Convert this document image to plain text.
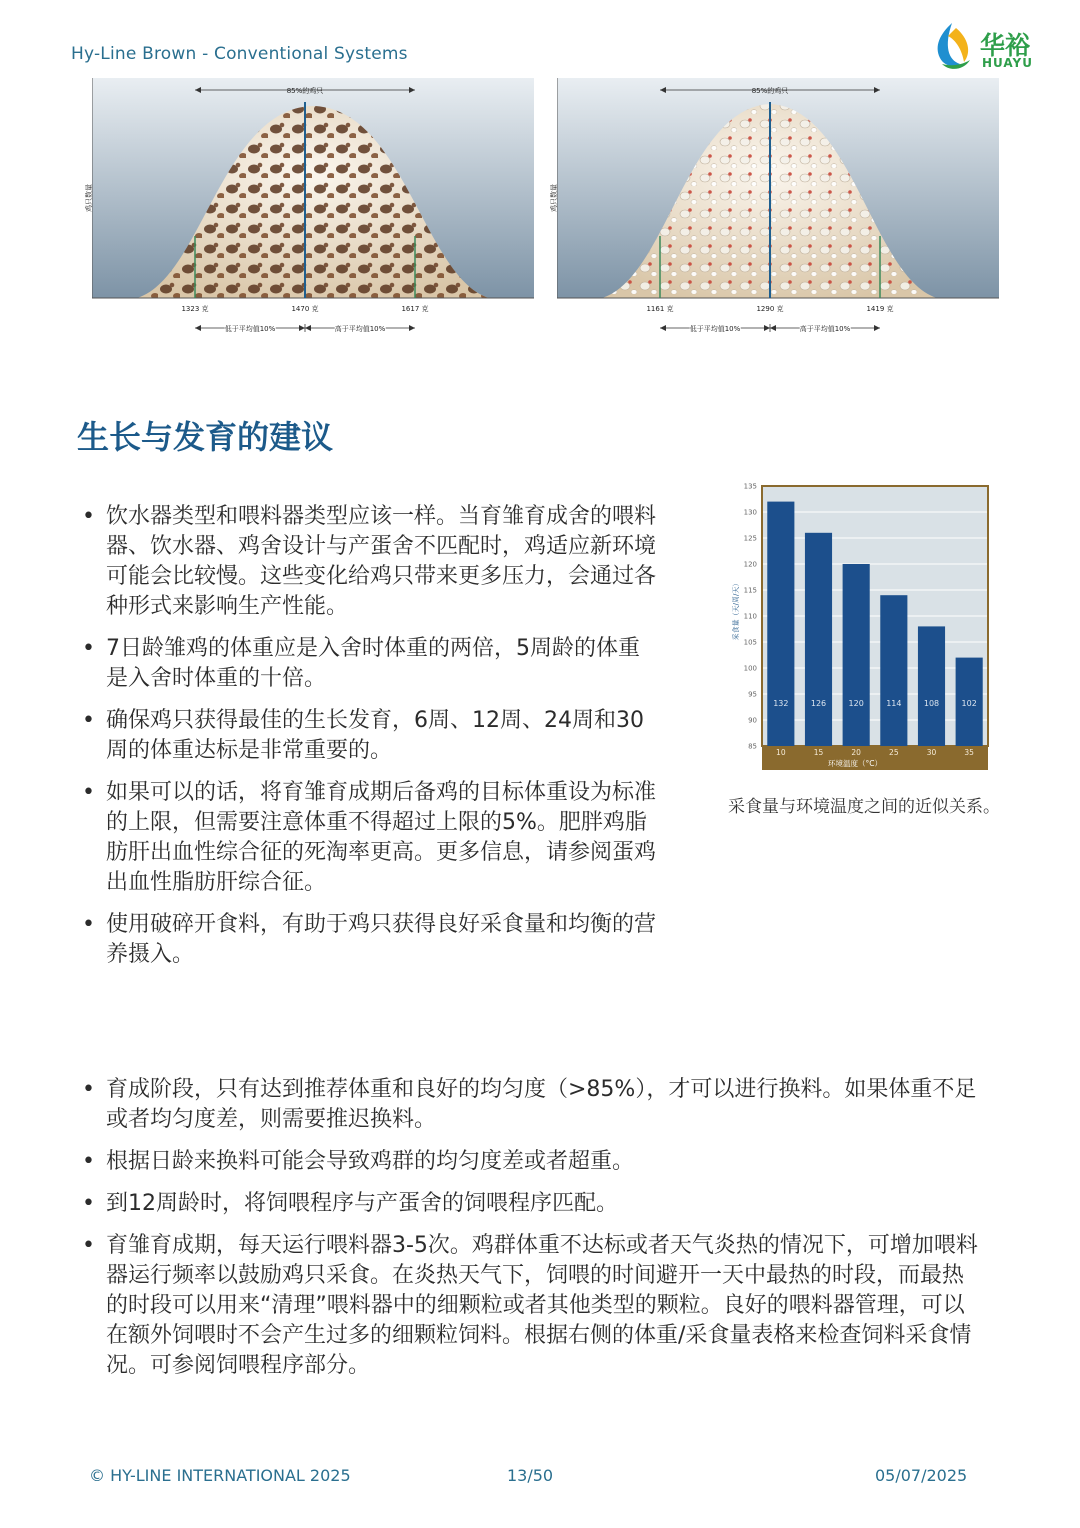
Hy-Line Brown - Conventional Systems	华裕
HUAYU
85%的鸡只
鸡只数量
1323 克	1470 克	1617 克
低于平均值10%	高于平均值10%
85%的鸡只
鸡只数量
1161 克	1290 克	1419 克
低于平均值10%	高于平均值10%
生长与发育的建议
• 饮水器类型和喂料器类型应该一样。当育雏育成舍的喂料器、饮水器、鸡舍设计与产蛋舍不匹配时，鸡适应新环境可能会比较慢。这些变化给鸡只带来更多压力，会通过各种形式来影响生产性能。
• 7日龄雏鸡的体重应是入舍时体重的两倍，5周龄的体重是入舍时体重的十倍。
• 确保鸡只获得最佳的生长发育，6周、12周、24周和30周的体重达标是非常重要的。
• 如果可以的话，将育雏育成期后备鸡的目标体重设为标准的上限，但需要注意体重不得超过上限的5%。肥胖鸡脂肪肝出血性综合征的死淘率更高。更多信息，请参阅蛋鸡出血性脂肪肝综合征。
• 使用破碎开食料，有助于鸡只获得良好采食量和均衡的营养摄入。
85
90
95
100
105
110
115
120
125
130
135
132
10
126
15
120
20
114
25
108
30
102
35
环境温度（°C）
采食量（天/周/天）
采食量与环境温度之间的近似关系。
• 育成阶段，只有达到推荐体重和良好的均匀度（>85%），才可以进行换料。如果体重不足或者均匀度差，则需要推迟换料。
• 根据日龄来换料可能会导致鸡群的均匀度差或者超重。
• 到12周龄时，将饲喂程序与产蛋舍的饲喂程序匹配。
• 育雏育成期，每天运行喂料器3-5次。鸡群体重不达标或者天气炎热的情况下，可增加喂料器运行频率以鼓励鸡只采食。在炎热天气下，饲喂的时间避开一天中最热的时段，而最热的时段可以用来“清理”喂料器中的细颗粒或者其他类型的颗粒。良好的喂料器管理，可以在额外饲喂时不会产生过多的细颗粒饲料。根据右侧的体重/采食量表格来检查饲料采食情况。可参阅饲喂程序部分。
© HY-LINE INTERNATIONAL 2025	13/50	05/07/2025
